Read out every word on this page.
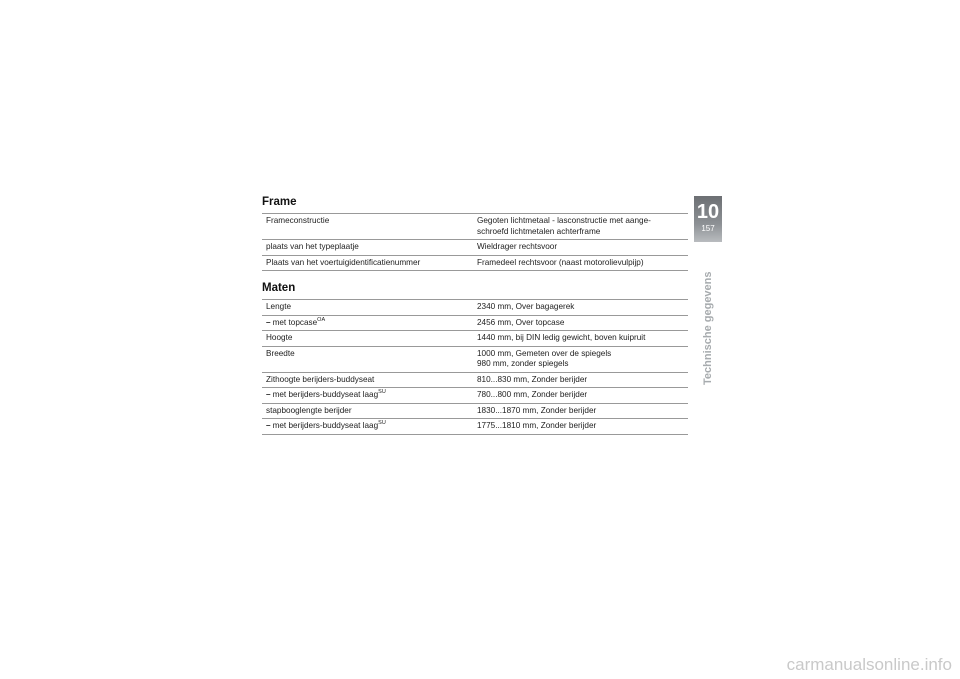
Frame
Frameconstructie	Gegoten lichtmetaal - lasconstructie met aange-
schroefd lichtmetalen achterframe
plaats van het typeplaatje	Wieldrager rechtsvoor
Plaats van het voertuigidentificatienummer	Framedeel rechtsvoor (naast motorolievulpijp)
Maten
Lengte	2340 mm, Over bagagerek
– met topcase$^{OA}$	2456 mm, Over topcase
Hoogte	1440 mm, bij DIN ledig gewicht, boven kuipruit
Breedte	1000 mm, Gemeten over de spiegels
980 mm, zonder spiegels
Zithoogte berijders-buddyseat	810...830 mm, Zonder berijder
– met berijders-buddyseat laag$^{SU}$	780...800 mm, Zonder berijder
stapbooglengte berijder	1830...1870 mm, Zonder berijder
– met berijders-buddyseat laag$^{SU}$	1775...1810 mm, Zonder berijder
10
157
Technische gegevens
carmanualsonline.info
